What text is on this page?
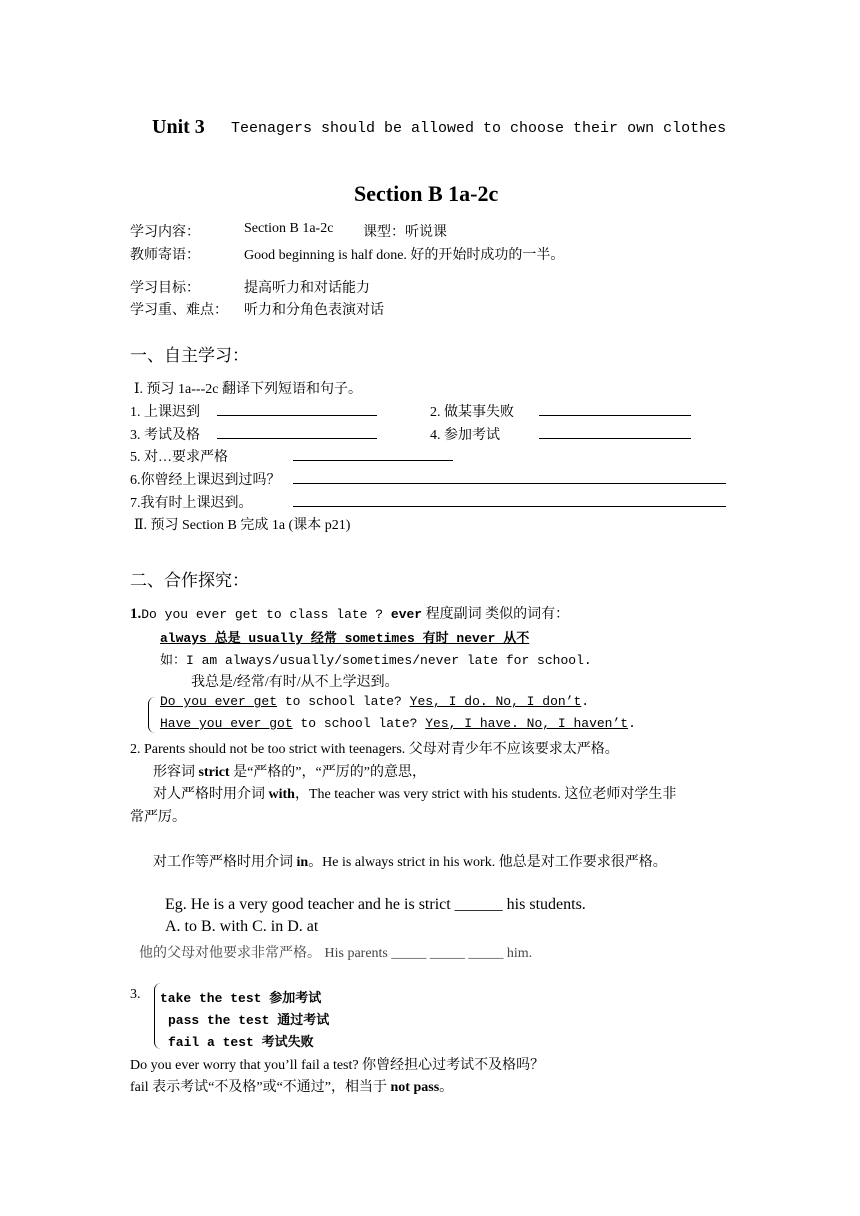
Unit 3 Teenagers should be allowed to choose their own clothes
Section B 1a-2c
学习内容：	Section B 1a-2c 课型：听说课
教师寄语：	Good beginning is half done. 好的开始时成功的一半。
学习目标：	提高听力和对话能力
学习重、难点： 听力和分角色表演对话
一、自主学习：
Ⅰ. 预习 1a---2c 翻译下列短语和句子。
1. 上课迟到	2. 做某事失败
3. 考试及格	4. 参加考试
5. 对…要求严格
6.你曾经上课迟到过吗？
7.我有时上课迟到。
Ⅱ. 预习 Section B 完成 1a (课本 p21)
二、合作探究：
1.Do you ever get to class late ? ever 程度副词 类似的词有：
always 总是 usually 经常 sometimes 有时 never 从不
如：I am always/usually/sometimes/never late for school.
我总是/经常/有时/从不上学迟到。
Do you ever get to school late? Yes, I do. No, I don’t.
Have you ever got to school late? Yes, I have. No, I haven’t.
2. Parents should not be too strict with teenagers. 父母对青少年不应该要求太严格。
形容词 strict 是“严格的”，“严厉的”的意思，
对人严格时用介词 with，The teacher was very strict with his students. 这位老师对学生非
常严厉。
对工作等严格时用介词 in。He is always strict in his work. 他总是对工作要求很严格。
Eg. He is a very good teacher and he is strict ______ his students.
A. to B. with C. in D. at
他的父母对他要求非常严格。 His parents _____ _____ _____ him.
3. take the test 参加考试
pass the test 通过考试
fail a test 考试失败
Do you ever worry that you’ll fail a test? 你曾经担心过考试不及格吗？
fail 表示考试“不及格”或“不通过”，相当于 not pass。
